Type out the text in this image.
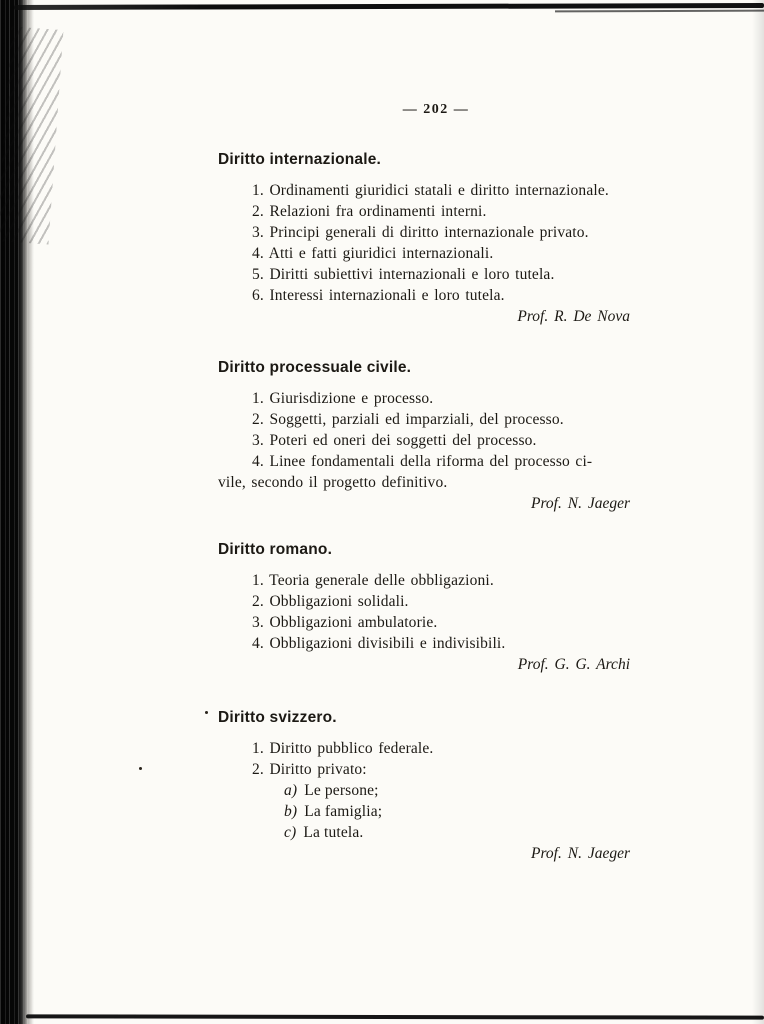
— 202 —
Diritto internazionale.
1. Ordinamenti giuridici statali e diritto internazionale.
2. Relazioni fra ordinamenti interni.
3. Principi generali di diritto internazionale privato.
4. Atti e fatti giuridici internazionali.
5. Diritti subiettivi internazionali e loro tutela.
6. Interessi internazionali e loro tutela.
Prof. R. De Nova
Diritto processuale civile.
1. Giurisdizione e processo.
2. Soggetti, parziali ed imparziali, del processo.
3. Poteri ed oneri dei soggetti del processo.
4. Linee fondamentali della riforma del processo ci-
vile, secondo il progetto definitivo.
Prof. N. Jaeger
Diritto romano.
1. Teoria generale delle obbligazioni.
2. Obbligazioni solidali.
3. Obbligazioni ambulatorie.
4. Obbligazioni divisibili e indivisibili.
Prof. G. G. Archi
Diritto svizzero.
1. Diritto pubblico federale.
2. Diritto privato:
a) Le persone;
b) La famiglia;
c) La tutela.
Prof. N. Jaeger
